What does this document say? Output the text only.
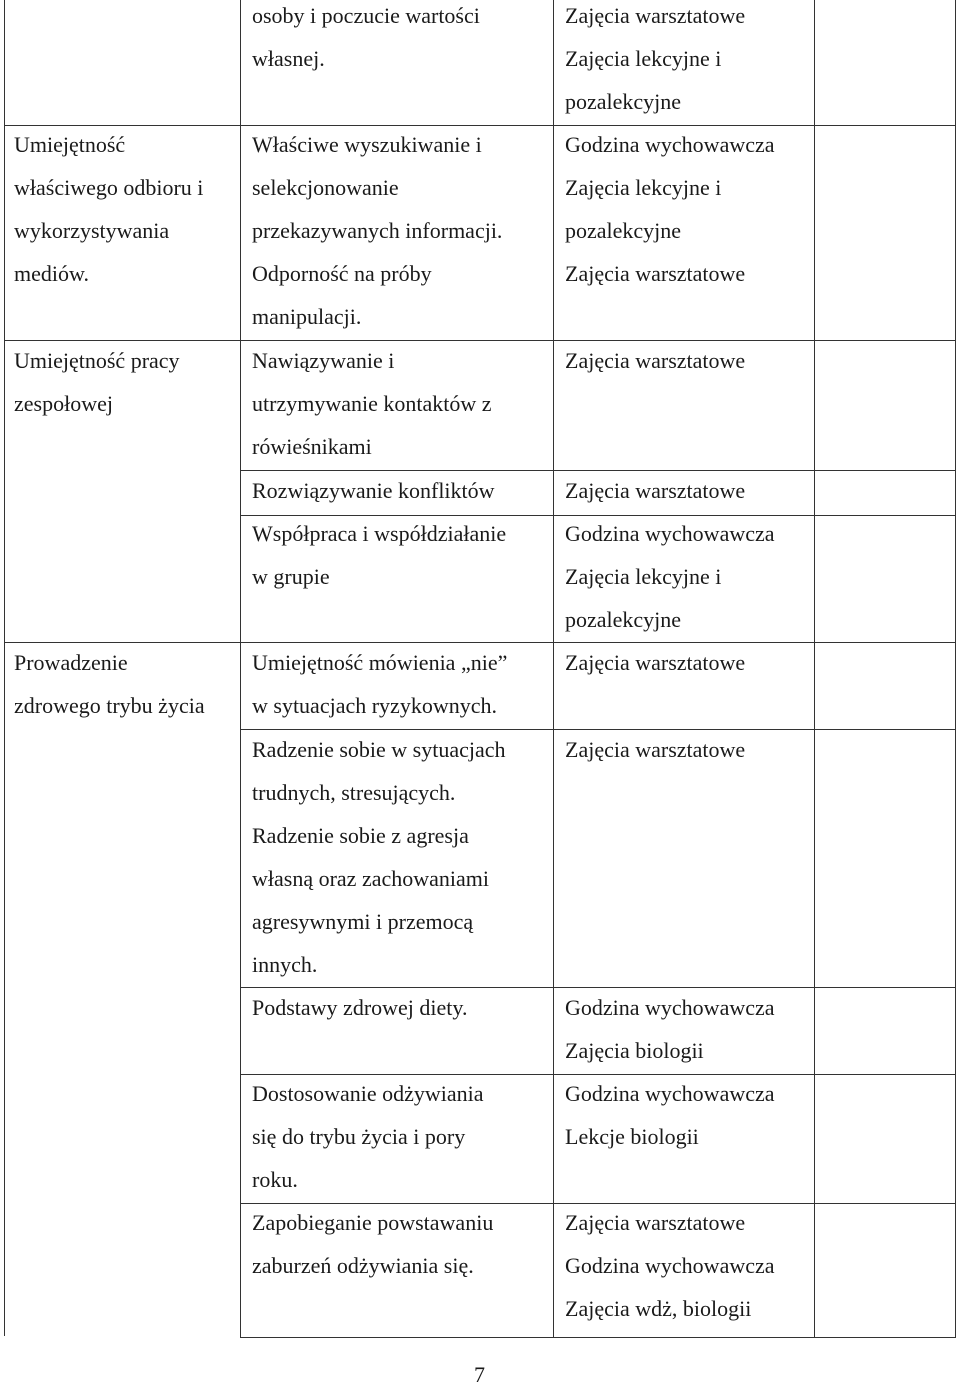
osoby i poczucie wartości
własnej.
Zajęcia warsztatowe
Zajęcia lekcyjne i
pozalekcyjne
Umiejętność
właściwego odbioru i
wykorzystywania
mediów.
Właściwe wyszukiwanie i
selekcjonowanie
przekazywanych informacji.
Odporność na próby
manipulacji.
Godzina wychowawcza
Zajęcia lekcyjne i
pozalekcyjne
Zajęcia warsztatowe
Umiejętność pracy
zespołowej
Nawiązywanie i
utrzymywanie kontaktów z
rówieśnikami
Zajęcia warsztatowe
Rozwiązywanie konfliktów	Zajęcia warsztatowe
Współpraca i współdziałanie
w grupie
Godzina wychowawcza
Zajęcia lekcyjne i
pozalekcyjne
Prowadzenie
zdrowego trybu życia
Umiejętność mówienia „nie”
w sytuacjach ryzykownych.
Zajęcia warsztatowe
Radzenie sobie w sytuacjach
trudnych, stresujących.
Radzenie sobie z agresja
własną oraz zachowaniami
agresywnymi i przemocą
innych.
Zajęcia warsztatowe
Podstawy zdrowej diety.	Godzina wychowawcza
Zajęcia biologii
Dostosowanie odżywiania
się do trybu życia i pory
roku.
Godzina wychowawcza
Lekcje biologii
Zapobieganie powstawaniu
zaburzeń odżywiania się.
Zajęcia warsztatowe
Godzina wychowawcza
Zajęcia wdż, biologii
7
